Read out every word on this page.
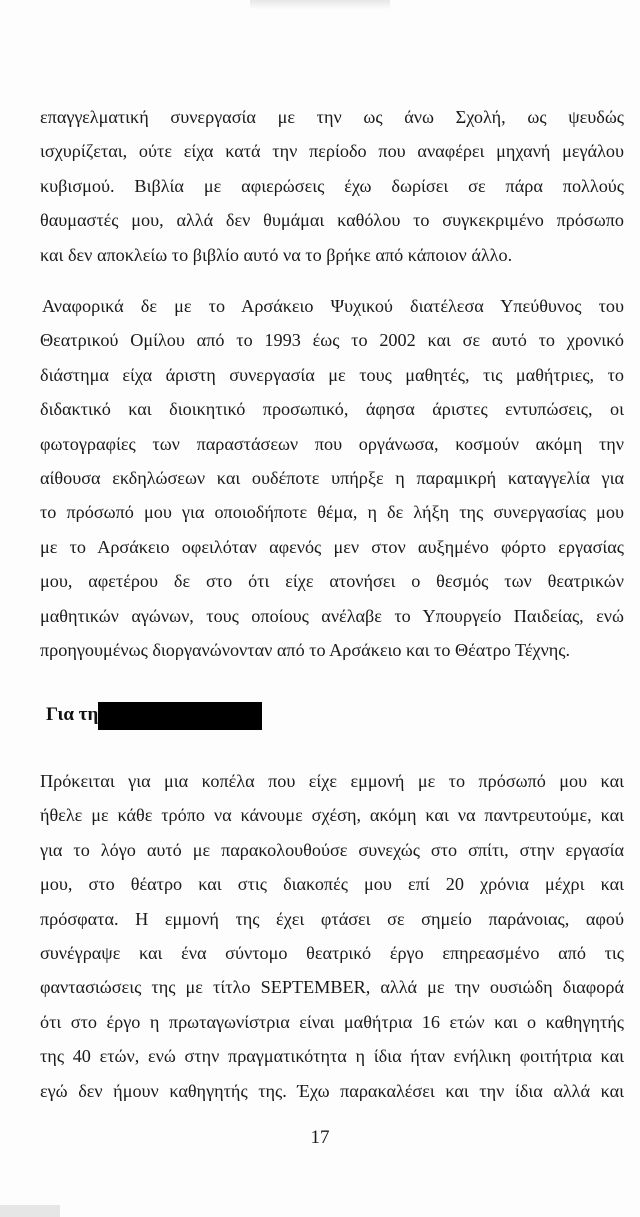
επαγγελματική συνεργασία με την ως άνω Σχολή, ως ψευδώς
ισχυρίζεται, ούτε είχα κατά την περίοδο που αναφέρει μηχανή μεγάλου
κυβισμού. Βιβλία με αφιερώσεις έχω δωρίσει σε πάρα πολλούς
θαυμαστές μου, αλλά δεν θυμάμαι καθόλου το συγκεκριμένο πρόσωπο
και δεν αποκλείω το βιβλίο αυτό να το βρήκε από κάποιον άλλο.
Αναφορικά δε με το Αρσάκειο Ψυχικού διατέλεσα Υπεύθυνος του
Θεατρικού Ομίλου από το 1993 έως το 2002 και σε αυτό το χρονικό
διάστημα είχα άριστη συνεργασία με τους μαθητές, τις μαθήτριες, το
διδακτικό και διοικητικό προσωπικό, άφησα άριστες εντυπώσεις, οι
φωτογραφίες των παραστάσεων που οργάνωσα, κοσμούν ακόμη την
αίθουσα εκδηλώσεων και ουδέποτε υπήρξε η παραμικρή καταγγελία για
το πρόσωπό μου για οποιοδήποτε θέμα, η δε λήξη της συνεργασίας μου
με το Αρσάκειο οφειλόταν αφενός μεν στον αυξημένο φόρτο εργασίας
μου, αφετέρου δε στο ότι είχε ατονήσει ο θεσμός των θεατρικών
μαθητικών αγώνων, τους οποίους ανέλαβε το Υπουργείο Παιδείας, ενώ
προηγουμένως διοργανώνονταν από το Αρσάκειο και το Θέατρο Τέχνης.
Για τη
Πρόκειται για μια κοπέλα που είχε εμμονή με το πρόσωπό μου και
ήθελε με κάθε τρόπο να κάνουμε σχέση, ακόμη και να παντρευτούμε, και
για το λόγο αυτό με παρακολουθούσε συνεχώς στο σπίτι, στην εργασία
μου, στο θέατρο και στις διακοπές μου επί 20 χρόνια μέχρι και
πρόσφατα. Η εμμονή της έχει φτάσει σε σημείο παράνοιας, αφού
συνέγραψε και ένα σύντομο θεατρικό έργο επηρεασμένο από τις
φαντασιώσεις της με τίτλο SEPTEMBER, αλλά με την ουσιώδη διαφορά
ότι στο έργο η πρωταγωνίστρια είναι μαθήτρια 16 ετών και ο καθηγητής
της 40 ετών, ενώ στην πραγματικότητα η ίδια ήταν ενήλικη φοιτήτρια και
εγώ δεν ήμουν καθηγητής της. Έχω παρακαλέσει και την ίδια αλλά και
17
